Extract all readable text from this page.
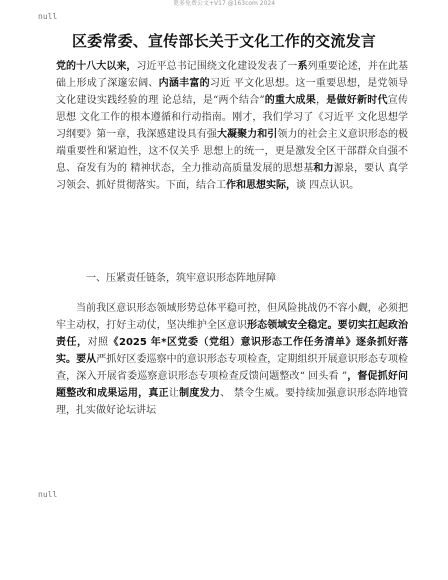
更多免费公文+V17 @163com 2024
null
区委常委、宣传部长关于文化工作的交流发言

党的十八大以来，习近平总书记围绕文化建设发表了一系列重要论述，并在此基础上形成了深邃宏阔、内涵丰富的习近 平文化思想。这一重要思想，是党领导文化建设实践经验的理 论总结，是“两个结合”的重大成果，是做好新时代宣传思想 文化工作的根本遵循和行动指南。刚才，我们学习了《习近平 文化思想学习纲要》第一章，我深感建设具有强大凝聚力和引领力的社会主义意识形态的极端重要性和紧迫性，这不仅关乎 思想上的统一，更是激发全区干部群众自强不息、奋发有为的 精神状态，全力推动高质量发展的思想基和力源泉，要认 真学习领会、抓好贯彻落实。下面，结合工作和思想实际，谈 四点认识。

一、压紧责任链条，筑牢意识形态阵地屏障

当前我区意识形态领域形势总体平稳可控，但风险挑战仍不容小觑，必须把牢主动权，打好主动仗，坚决维护全区意识形态领域安全稳定。要切实扛起政治责任，对照《2025 年*区党委（党组）意识形态工作任务清单》逐条抓好落实。要从严抓好区委巡察中的意识形态专项检查，定期组织开展意识形态专项检查，深入开展省委巡察意识形态专项检查反馈问题整改“ 回头看 ”，督促抓好问题整改和成果运用，真正让制度发力、 禁令生威。要持续加强意识形态阵地管理，扎实做好论坛讲坛

null
